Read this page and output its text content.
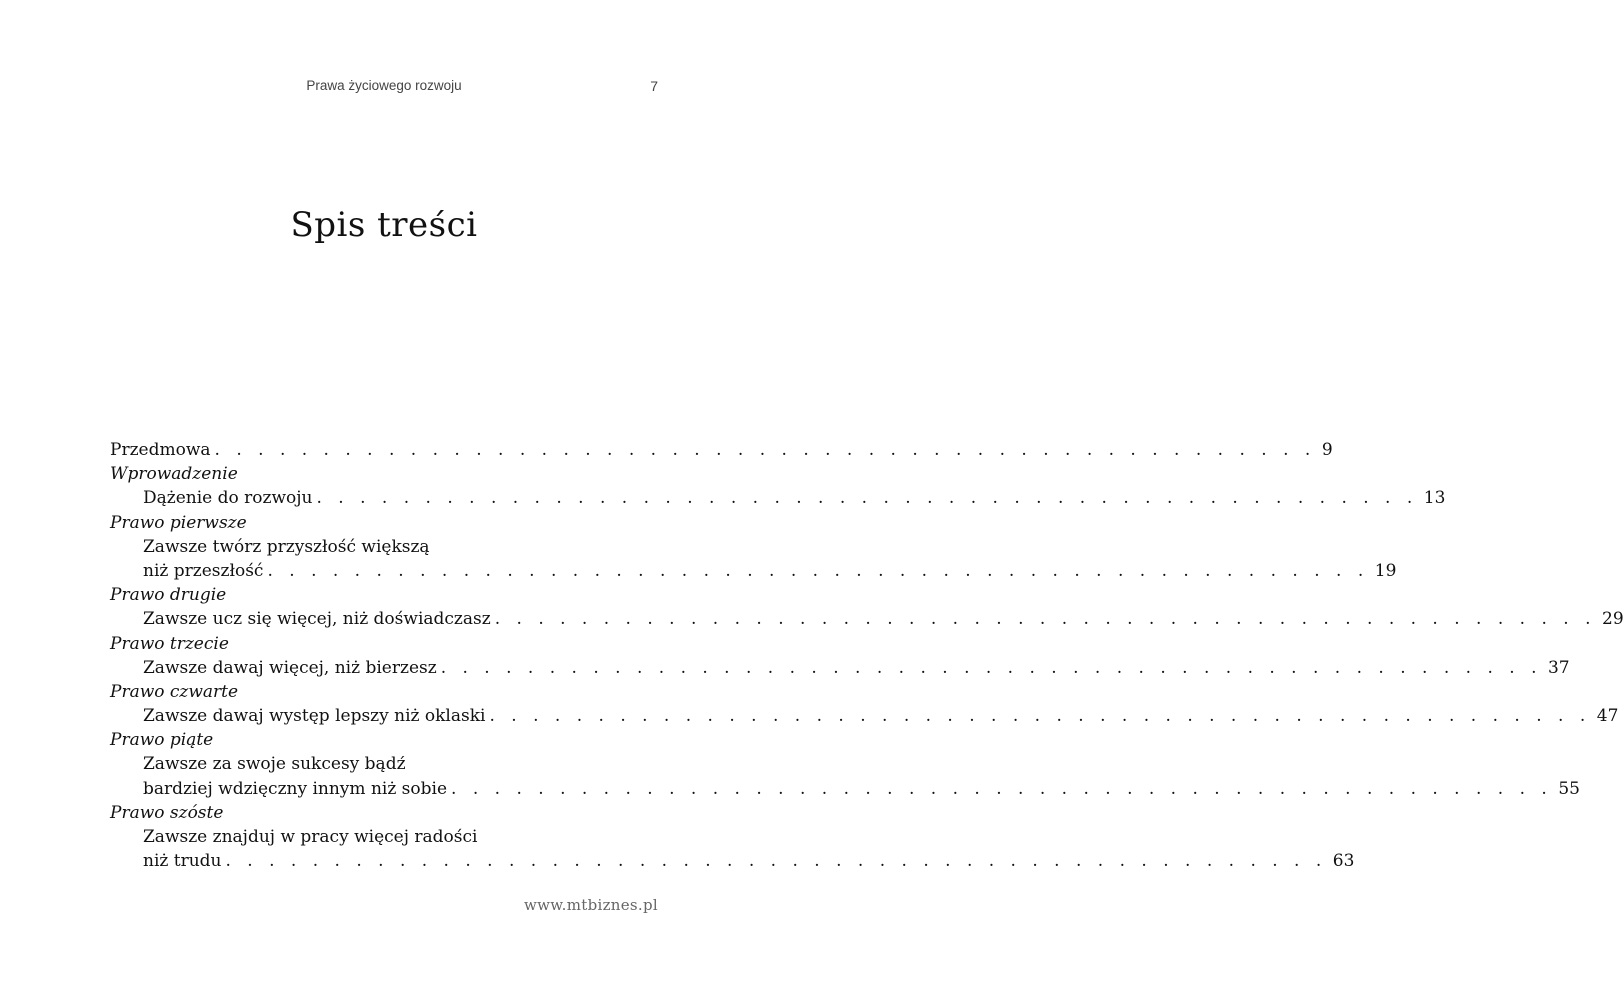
Prawa życiowego rozwoju	7
Spis treści
Przedmowa . . . . . . . . . . . . . . . . . . . . . . . . . . . . . . . . . . . . . . . . . . . . . . . . . . . 9
Wprowadzenie
Dążenie do rozwoju . . . . . . . . . . . . . . . . . . . . . . . . . . . . . . . . . . . . . . . . . . . . . . . . . . . 13
Prawo pierwsze
Zawsze twórz przyszłość większą
niż przeszłość . . . . . . . . . . . . . . . . . . . . . . . . . . . . . . . . . . . . . . . . . . . . . . . . . . . 19
Prawo drugie
Zawsze ucz się więcej, niż doświadczasz . . . . . . . . . . . . . . . . . . . . . . . . . . . . . . . . . . . . . . . . . . . . . . . . . . . 29
Prawo trzecie
Zawsze dawaj więcej, niż bierzesz . . . . . . . . . . . . . . . . . . . . . . . . . . . . . . . . . . . . . . . . . . . . . . . . . . . 37
Prawo czwarte
Zawsze dawaj występ lepszy niż oklaski . . . . . . . . . . . . . . . . . . . . . . . . . . . . . . . . . . . . . . . . . . . . . . . . . . . 47
Prawo piąte
Zawsze za swoje sukcesy bądź
bardziej wdzięczny innym niż sobie . . . . . . . . . . . . . . . . . . . . . . . . . . . . . . . . . . . . . . . . . . . . . . . . . . . 55
Prawo szóste
Zawsze znajduj w pracy więcej radości
niż trudu . . . . . . . . . . . . . . . . . . . . . . . . . . . . . . . . . . . . . . . . . . . . . . . . . . . 63
www.mtbiznes.pl
